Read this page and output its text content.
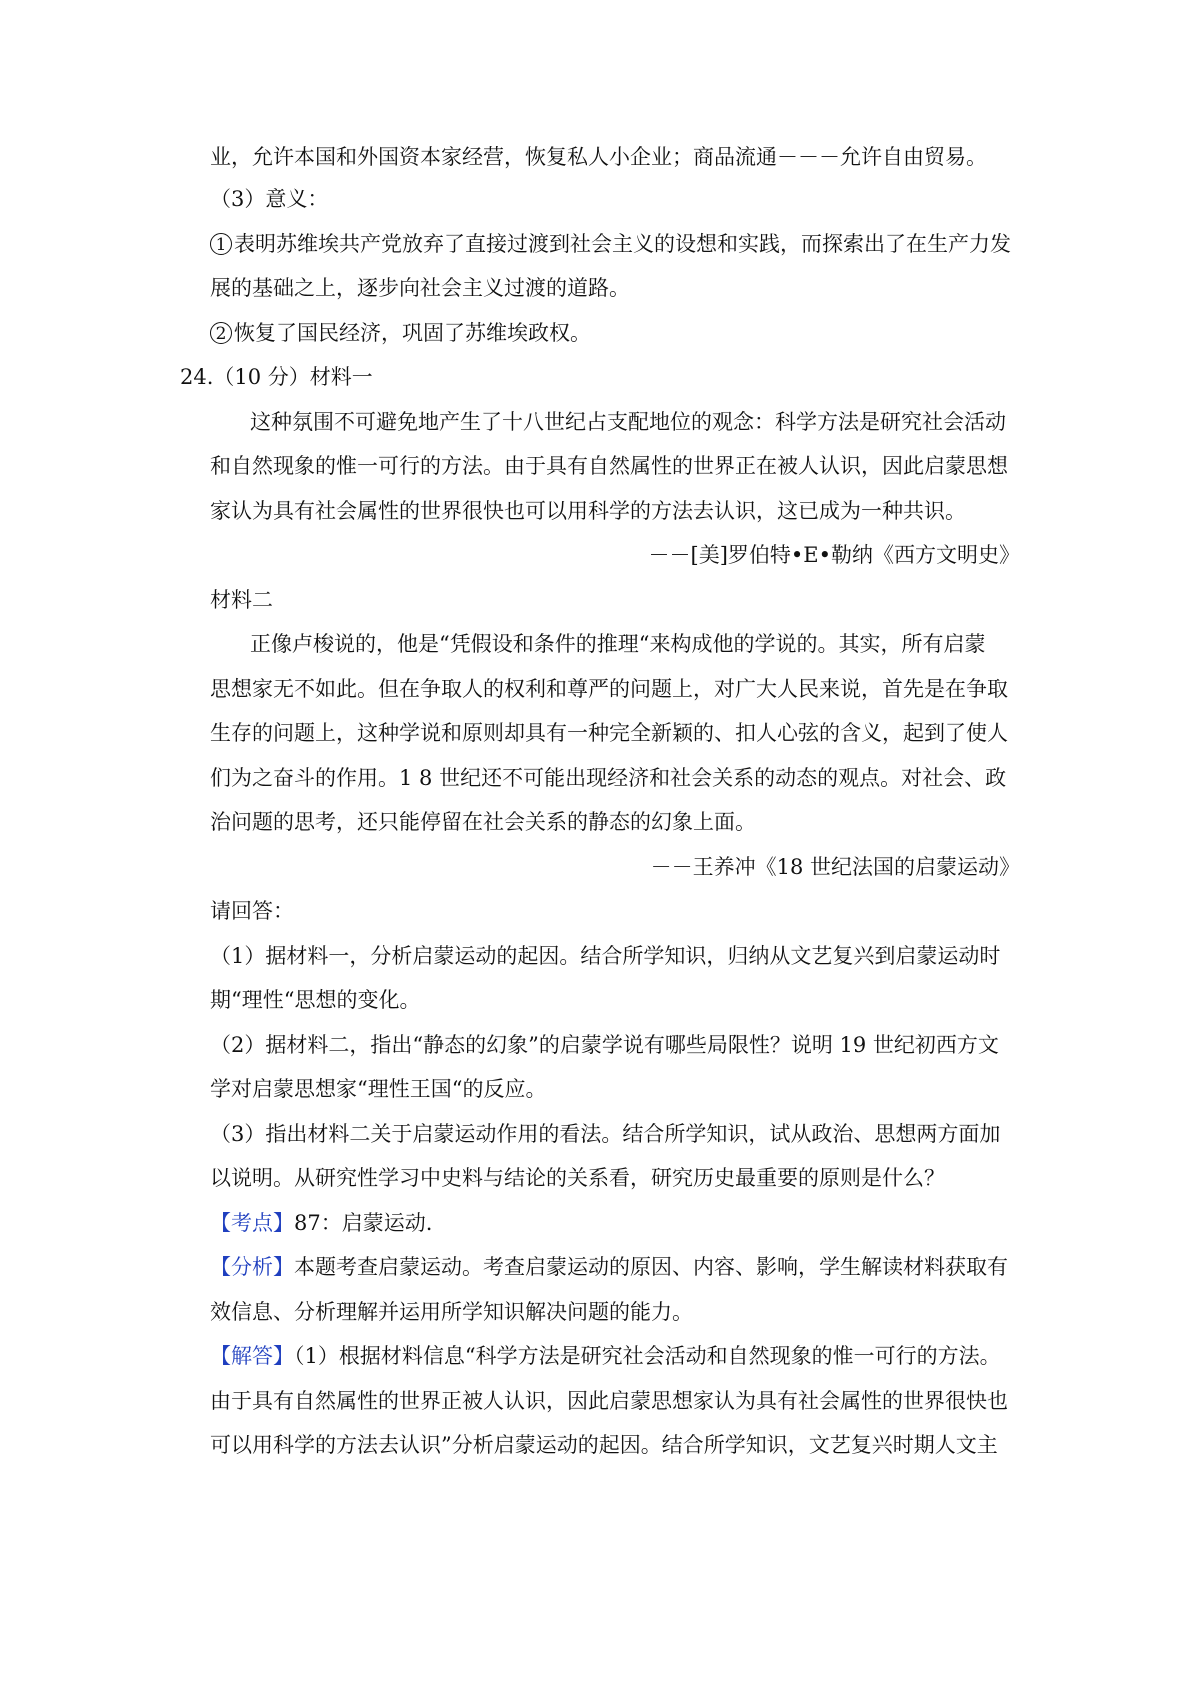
业，允许本国和外国资本家经营，恢复私人小企业；商品流通－－－允许自由贸易。
（3）意义：
1 表明苏维埃共产党放弃了直接过渡到社会主义的设想和实践，而探索出了在生产力发
展的基础之上，逐步向社会主义过渡的道路。
2 恢复了国民经济，巩固了苏维埃政权。
24.（10 分）材料一
这种氛围不可避免地产生了十八世纪占支配地位的观念：科学方法是研究社会活动
和自然现象的惟一可行的方法。由于具有自然属性的世界正在被人认识，因此启蒙思想
家认为具有社会属性的世界很快也可以用科学的方法去认识，这已成为一种共识。
－－[美]罗伯特•E•勒纳《西方文明史》
材料二
正像卢梭说的，他是“凭假设和条件的推理“来构成他的学说的。其实，所有启蒙
思想家无不如此。但在争取人的权利和尊严的问题上，对广大人民来说，首先是在争取
生存的问题上，这种学说和原则却具有一种完全新颖的、扣人心弦的含义，起到了使人
们为之奋斗的作用。1 8 世纪还不可能出现经济和社会关系的动态的观点。对社会、政
治问题的思考，还只能停留在社会关系的静态的幻象上面。
－－王养冲《18 世纪法国的启蒙运动》
请回答：
（1）据材料一，分析启蒙运动的起因。结合所学知识，归纳从文艺复兴到启蒙运动时
期“理性“思想的变化。
（2）据材料二，指出“静态的幻象”的启蒙学说有哪些局限性？说明 19 世纪初西方文
学对启蒙思想家“理性王国“的反应。
（3）指出材料二关于启蒙运动作用的看法。结合所学知识，试从政治、思想两方面加
以说明。从研究性学习中史料与结论的关系看，研究历史最重要的原则是什么？
【考点】87：启蒙运动.
【分析】本题考查启蒙运动。考查启蒙运动的原因、内容、影响，学生解读材料获取有
效信息、分析理解并运用所学知识解决问题的能力。
【解答】（1）根据材料信息“科学方法是研究社会活动和自然现象的惟一可行的方法。
由于具有自然属性的世界正被人认识，因此启蒙思想家认为具有社会属性的世界很快也
可以用科学的方法去认识”分析启蒙运动的起因。结合所学知识，文艺复兴时期人文主
